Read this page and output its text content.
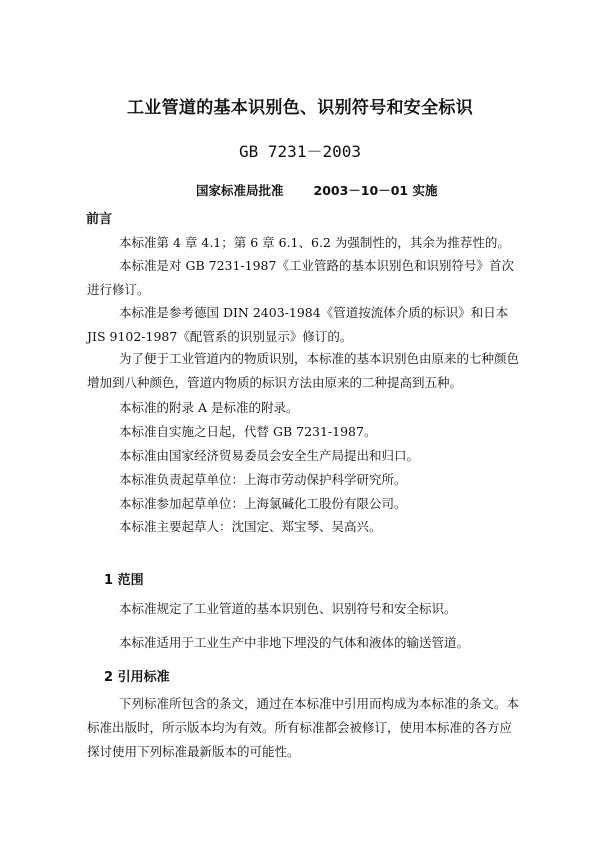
工业管道的基本识别色、识别符号和安全标识
GB 7231－2003
国家标准局批准 2003－10－01 实施
前言
本标准第 4 章 4.1；第 6 章 6.1、6.2 为强制性的，其余为推荐性的。
本标准是对 GB 7231-1987《工业管路的基本识别色和识别符号》首次进行修订。
本标准是参考德国 DIN 2403-1984《管道按流体介质的标识》和日本 JIS 9102-1987《配管系的识别显示》修订的。
为了便于工业管道内的物质识别，本标准的基本识别色由原来的七种颜色增加到八种颜色，管道内物质的标识方法由原来的二种提高到五种。
本标准的附录 A 是标准的附录。
本标准自实施之日起，代替 GB 7231-1987。
本标准由国家经济贸易委员会安全生产局提出和归口。
本标准负责起草单位：上海市劳动保护科学研究所。
本标准参加起草单位：上海氯碱化工股份有限公司。
本标准主要起草人：沈国定、郑宝琴、吴高兴。
1 范围
本标准规定了工业管道的基本识别色、识别符号和安全标识。
本标准适用于工业生产中非地下埋没的气体和液体的输送管道。
2 引用标准
下列标准所包含的条文，通过在本标准中引用而构成为本标准的条文。本标准出版时，所示版本均为有效。所有标准都会被修订，使用本标准的各方应探讨使用下列标准最新版本的可能性。
